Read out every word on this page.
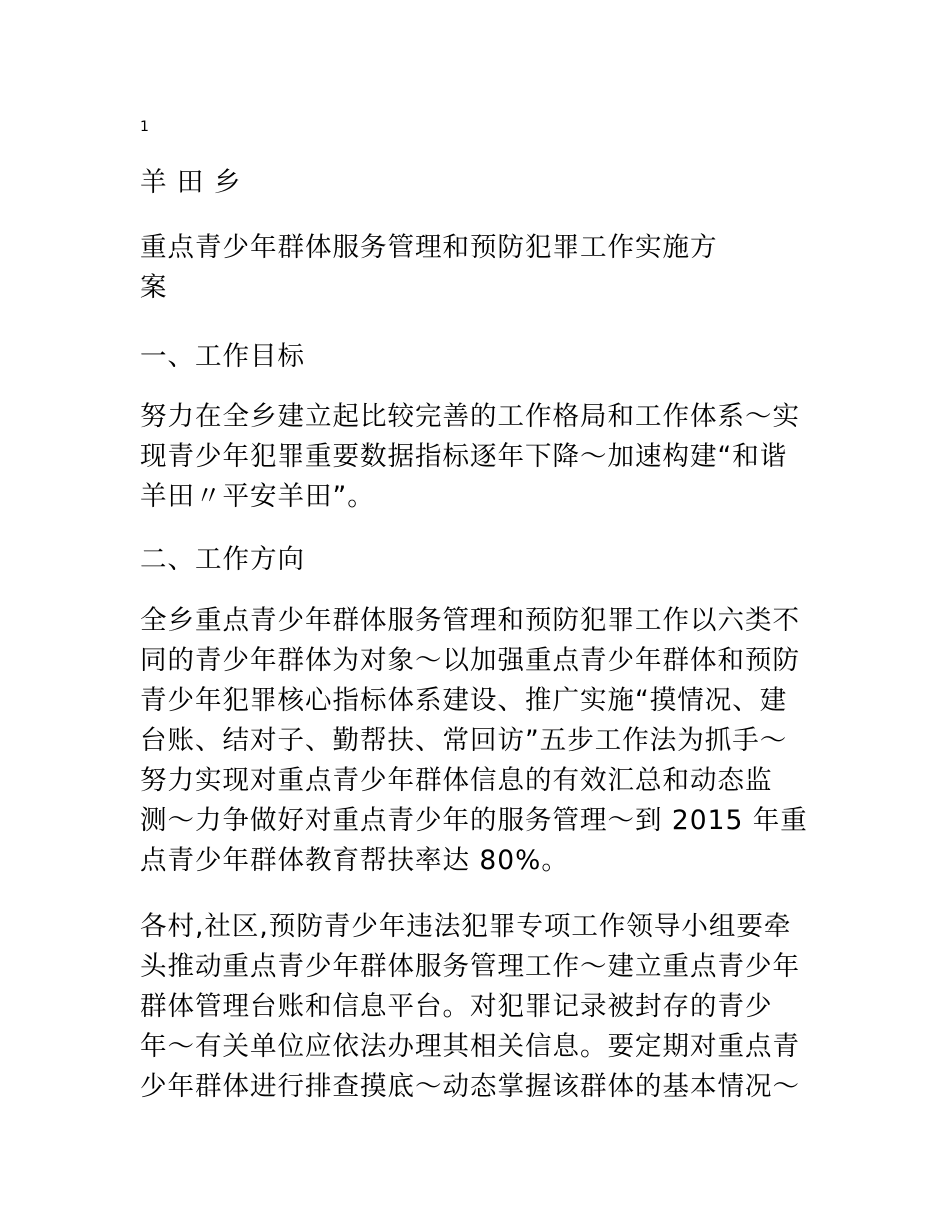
1

羊 田 乡

重点青少年群体服务管理和预防犯罪工作实施方
案
一、工作目标

努力在全乡建立起比较完善的工作格局和工作体系～实
现青少年犯罪重要数据指标逐年下降～加速构建“和谐
羊田〃平安羊田”。

二、工作方向

全乡重点青少年群体服务管理和预防犯罪工作以六类不
同的青少年群体为对象～以加强重点青少年群体和预防
青少年犯罪核心指标体系建设、推广实施“摸情况、建
台账、结对子、勤帮扶、常回访”五步工作法为抓手～
努力实现对重点青少年群体信息的有效汇总和动态监
测～力争做好对重点青少年的服务管理～到 2015 年重
点青少年群体教育帮扶率达 80%。

各村,社区,预防青少年违法犯罪专项工作领导小组要牵
头推动重点青少年群体服务管理工作～建立重点青少年
群体管理台账和信息平台。对犯罪记录被封存的青少
年～有关单位应依法办理其相关信息。要定期对重点青
少年群体进行排查摸底～动态掌握该群体的基本情况～
